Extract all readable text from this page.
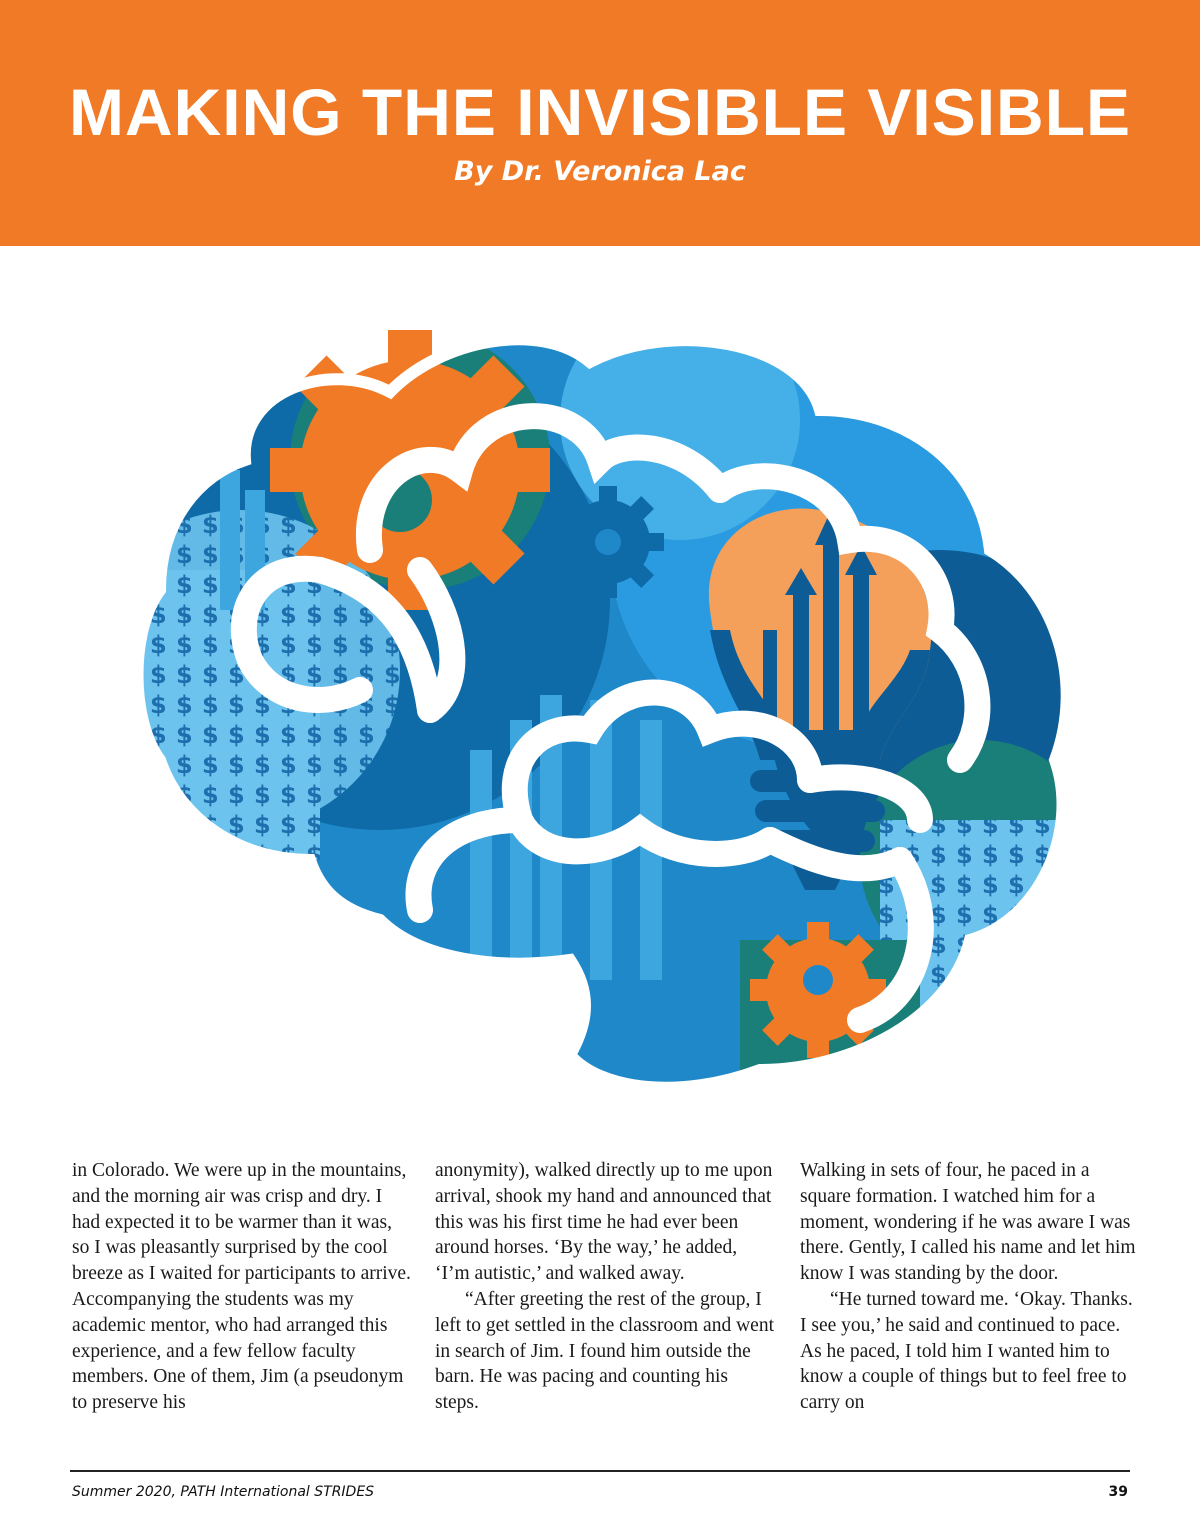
MAKING THE INVISIBLE VISIBLE
By Dr. Veronica Lac

in Colorado. We were up in the mountains, and the morning air was crisp and dry. I had expected it to be warmer than it was, so I was pleasantly surprised by the cool breeze as I waited for participants to arrive. Accompanying the students was my academic mentor, who had arranged this experience, and a few fellow faculty members. One of them, Jim (a pseudonym to preserve his

anonymity), walked directly up to me upon arrival, shook my hand and announced that this was his first time he had ever been around horses. ‘By the way,’ he added, ‘I’m autistic,’ and walked away.

“After greeting the rest of the group, I left to get settled in the classroom and went in search of Jim. I found him outside the barn. He was pacing and counting his steps.

Walking in sets of four, he paced in a square formation. I watched him for a moment, wondering if he was aware I was there. Gently, I called his name and let him know I was standing by the door.

“He turned toward me. ‘Okay. Thanks. I see you,’ he said and continued to pace. As he paced, I told him I wanted him to know a couple of things but to feel free to carry on

Summer 2020, PATH International STRIDES	39
